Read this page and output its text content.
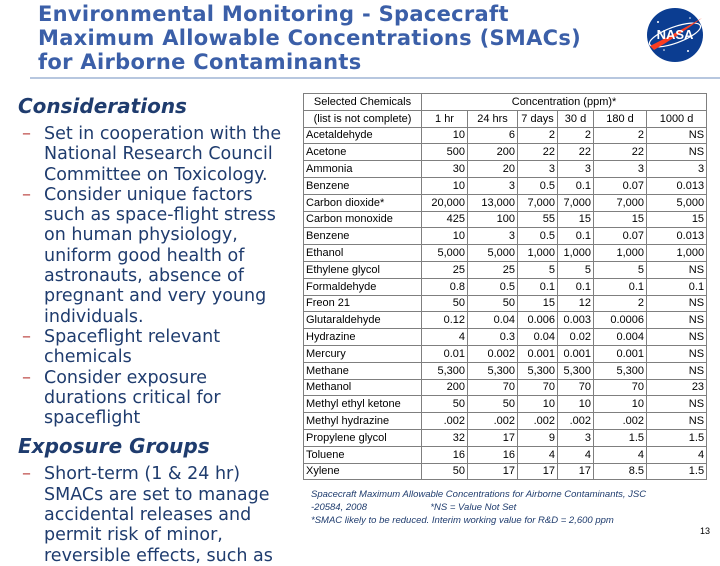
Environmental Monitoring - Spacecraft
Maximum Allowable Concentrations (SMACs)
for Airborne Contaminants
NASA
Considerations
– Set in cooperation with the National Research Council Committee on Toxicology.
– Consider unique factors such as space-flight stress on human physiology, uniform good health of astronauts, absence of pregnant and very young individuals.
– Spaceflight relevant chemicals
– Consider exposure durations critical for spaceflight
Exposure Groups
– Short-term (1 & 24 hr) SMACs are set to manage accidental releases and permit risk of minor, reversible effects, such as
Selected Chemicals	Concentration (ppm)*					
(list is not complete)	1 hr	24 hrs	7 days	30 d	180 d	1000 d
Acetaldehyde	10	6	2	2	2	NS
Acetone	500	200	22	22	22	NS
Ammonia	30	20	3	3	3	3
Benzene	10	3	0.5	0.1	0.07	0.013
Carbon dioxide*	20,000	13,000	7,000	7,000	7,000	5,000
Carbon monoxide	425	100	55	15	15	15
Benzene	10	3	0.5	0.1	0.07	0.013
Ethanol	5,000	5,000	1,000	1,000	1,000	1,000
Ethylene glycol	25	25	5	5	5	NS
Formaldehyde	0.8	0.5	0.1	0.1	0.1	0.1
Freon 21	50	50	15	12	2	NS
Glutaraldehyde	0.12	0.04	0.006	0.003	0.0006	NS
Hydrazine	4	0.3	0.04	0.02	0.004	NS
Mercury	0.01	0.002	0.001	0.001	0.001	NS
Methane	5,300	5,300	5,300	5,300	5,300	NS
Methanol	200	70	70	70	70	23
Methyl ethyl ketone	50	50	10	10	10	NS
Methyl hydrazine	.002	.002	.002	.002	.002	NS
Propylene glycol	32	17	9	3	1.5	1.5
Toluene	16	16	4	4	4	4
Xylene	50	17	17	17	8.5	1.5
Spacecraft Maximum Allowable Concentrations for Airborne Contaminants, JSC
-20584, 2008                        *NS = Value Not Set
*SMAC likely to be reduced. Interim working value for R&D = 2,600 ppm
13
